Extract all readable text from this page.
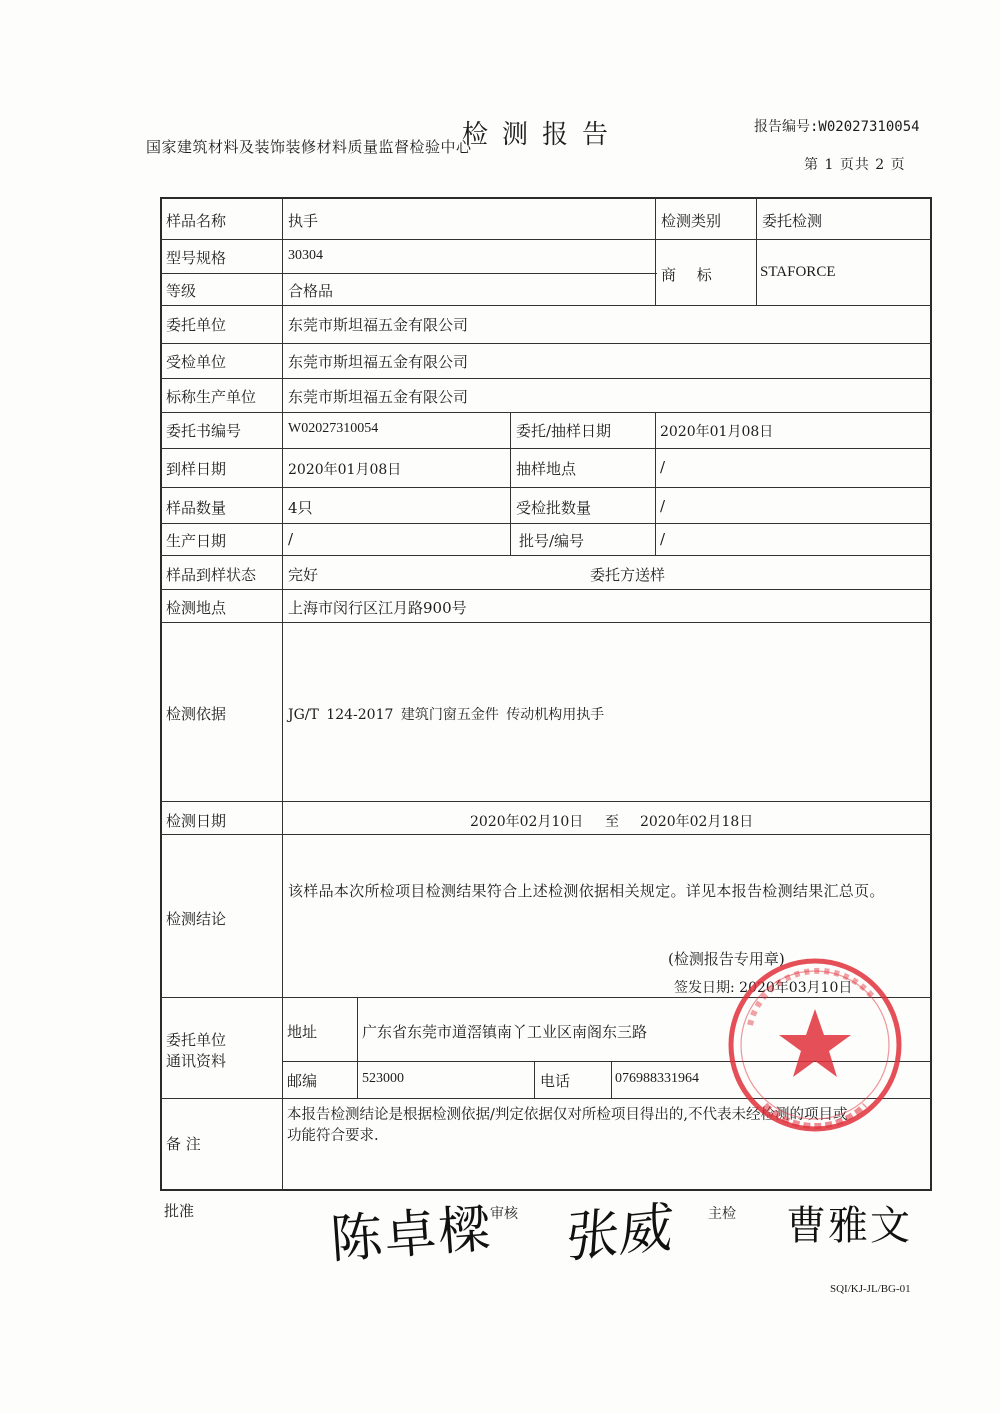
检测报告
国家建筑材料及装饰装修材料质量监督检验中心
报告编号:W02027310054
第 1 页共 2 页
样品名称	执手	检测类别	委托检测
型号规格	30304
商 标	STAFORCE
等级	合格品
委托单位	东莞市斯坦福五金有限公司
受检单位	东莞市斯坦福五金有限公司
标称生产单位 东莞市斯坦福五金有限公司
委托书编号	W02027310054	委托/抽样日期	2020年01月08日
到样日期	2020年01月08日	抽样地点	/
样品数量	4只	受检批数量	/
生产日期	/	批号/编号	/
样品到样状态 完好	委托方送样
检测地点	上海市闵行区江月路900号
检测依据	JG/T 124-2017 建筑门窗五金件 传动机构用执手
检测日期	2020年02月10日 至 2020年02月18日
检测结论
该样品本次所检项目检测结果符合上述检测依据相关规定。详见本报告检测结果汇总页。
(检测报告专用章)
签发日期: 2020年03月10日
委托单位
通讯资料
地址	广东省东莞市道滘镇南丫工业区南阁东三路
邮编	523000	电话	076988331964
备 注
本报告检测结论是根据检测依据/判定依据仅对所检项目得出的,不代表未经检测的项目或
功能符合要求.
批准	陈卓樑
审核 张威 主检 曹雅文
SQI/KJ-JL/BG-01
